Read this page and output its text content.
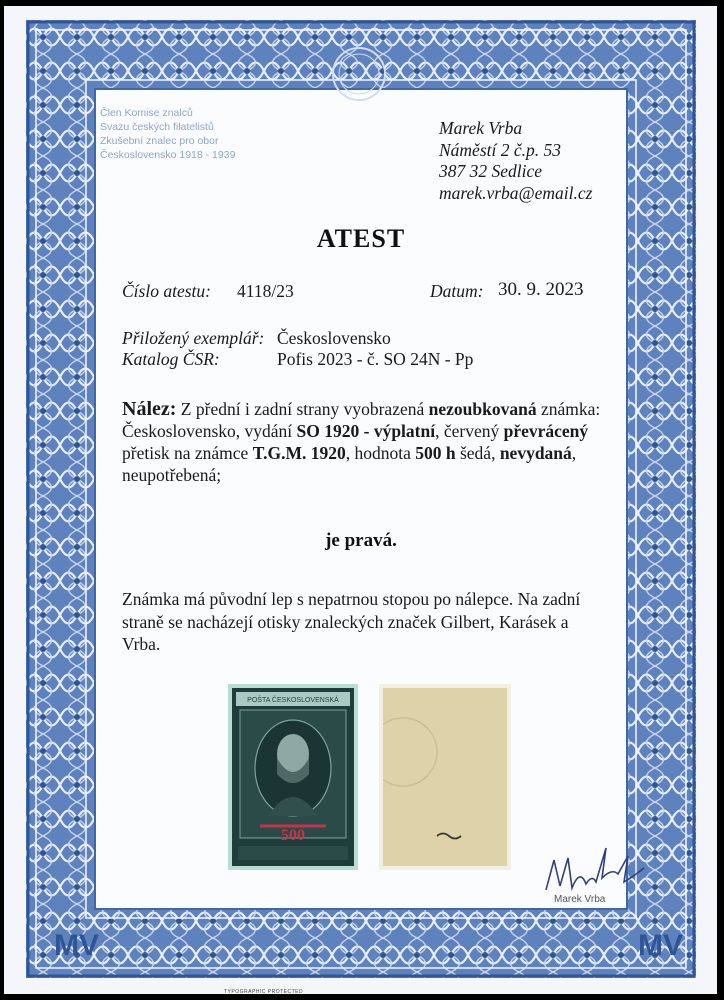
MV	MV
Člen Komise znalců
Svazu českých filatelistů
Zkušební znalec pro obor
Československo 1918 - 1939
Marek Vrba
Náměstí 2 č.p. 53
387 32 Sedlice
marek.vrba@email.cz
ATEST
Číslo atestu: 4118/23	Datum: 30. 9. 2023
Přiložený exemplář: Československo
Katalog ČSR:	Pofis 2023 - č. SO 24N - Pp
Nález: Z přední i zadní strany vyobrazená nezoubkovaná známka: Československo, vydání SO 1920 - výplatní, červený převrácený přetisk na známce T.G.M. 1920, hodnota 500 h šedá, nevydaná, neupotřebená;
je pravá.
Známka má původní lep s nepatrnou stopou po nálepce. Na zadní straně se nacházejí otisky znaleckých značek Gilbert, Karásek a Vrba.
POŠTA ČESKOSLOVENSKÁ
500
Marek Vrba
TYPOGRAPHIC PROTECTED
